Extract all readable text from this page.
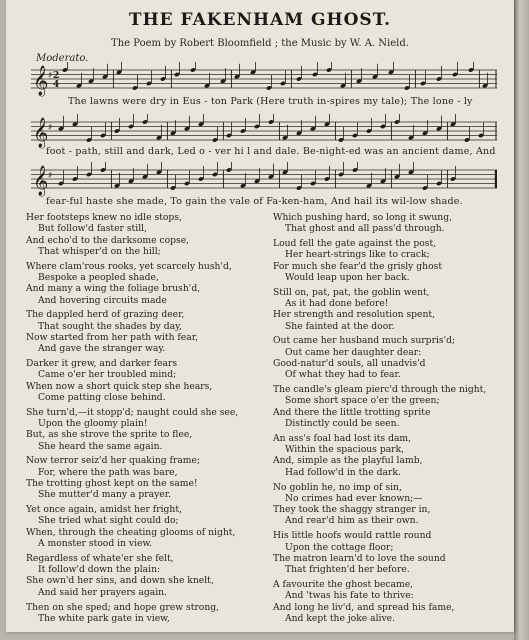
THE FAKENHAM GHOST.
The Poem by Robert Bloomfield ; the Music by W. A. Nield.
Moderato.
𝄞 ♯ 2
4
The lawns were dry in Eus - ton Park (Here truth in-spires my tale); The lone - ly
𝄞 ♯
foot - path, still and dark, Led o - ver hi l and dale. Be-night-ed was an ancient dame, And
𝄞 ♯
fear-ful haste she made, To gain the vale of Fa-ken-ham, And hail its wil-low shade.
Her footsteps knew no idle stops,
But follow'd faster still,
And echo'd to the darksome copse,
That whisper'd on the hill;
Where clam'rous rooks, yet scarcely hush'd,
Bespoke a peopled shade,
And many a wing the foliage brush'd,
And hovering circuits made
The dappled herd of grazing deer,
That sought the shades by day,
Now started from her path with fear,
And gave the stranger way.
Darker it grew, and darker fears
Came o'er her troubled mind;
When now a short quick step she hears,
Come patting close behind.
She turn'd,—it stopp'd; naught could she see,
Upon the gloomy plain!
But, as she strove the sprite to flee,
She heard the same again.
Now terror seiz'd her quaking frame;
For, where the path was bare,
The trotting ghost kept on the same!
She mutter'd many a prayer.
Yet once again, amidst her fright,
She tried what sight could do;
When, through the cheating glooms of night,
A monster stood in view.
Regardless of whate'er she felt,
It follow'd down the plain:
She own'd her sins, and down she knelt,
And said her prayers again.
Then on she sped; and hope grew strong,
The white park gate in view,
Which pushing hard, so long it swung,
That ghost and all pass'd through.
Loud fell the gate against the post,
Her heart-strings like to crack;
For much she fear'd the grisly ghost
Would leap upon her back.
Still on, pat, pat, the goblin went,
As it had done before!
Her strength and resolution spent,
She fainted at the door.
Out came her husband much surpris'd;
Out came her daughter dear:
Good-natur'd souls, all unadvis'd
Of what they had to fear.
The candle's gleam pierc'd through the night,
Some short space o'er the green;
And there the little trotting sprite
Distinctly could be seen.
An ass's foal had lost its dam,
Within the spacious park,
And, simple as the playful lamb,
Had follow'd in the dark.
No goblin he, no imp of sin,
No crimes had ever known;—
They took the shaggy stranger in,
And rear'd him as their own.
His little hoofs would rattle round
Upon the cottage floor;
The matron learn'd to love the sound
That frighten'd her before.
A favourite the ghost became,
And 'twas his fate to thrive:
And long he liv'd, and spread his fame,
And kept the joke alive.
